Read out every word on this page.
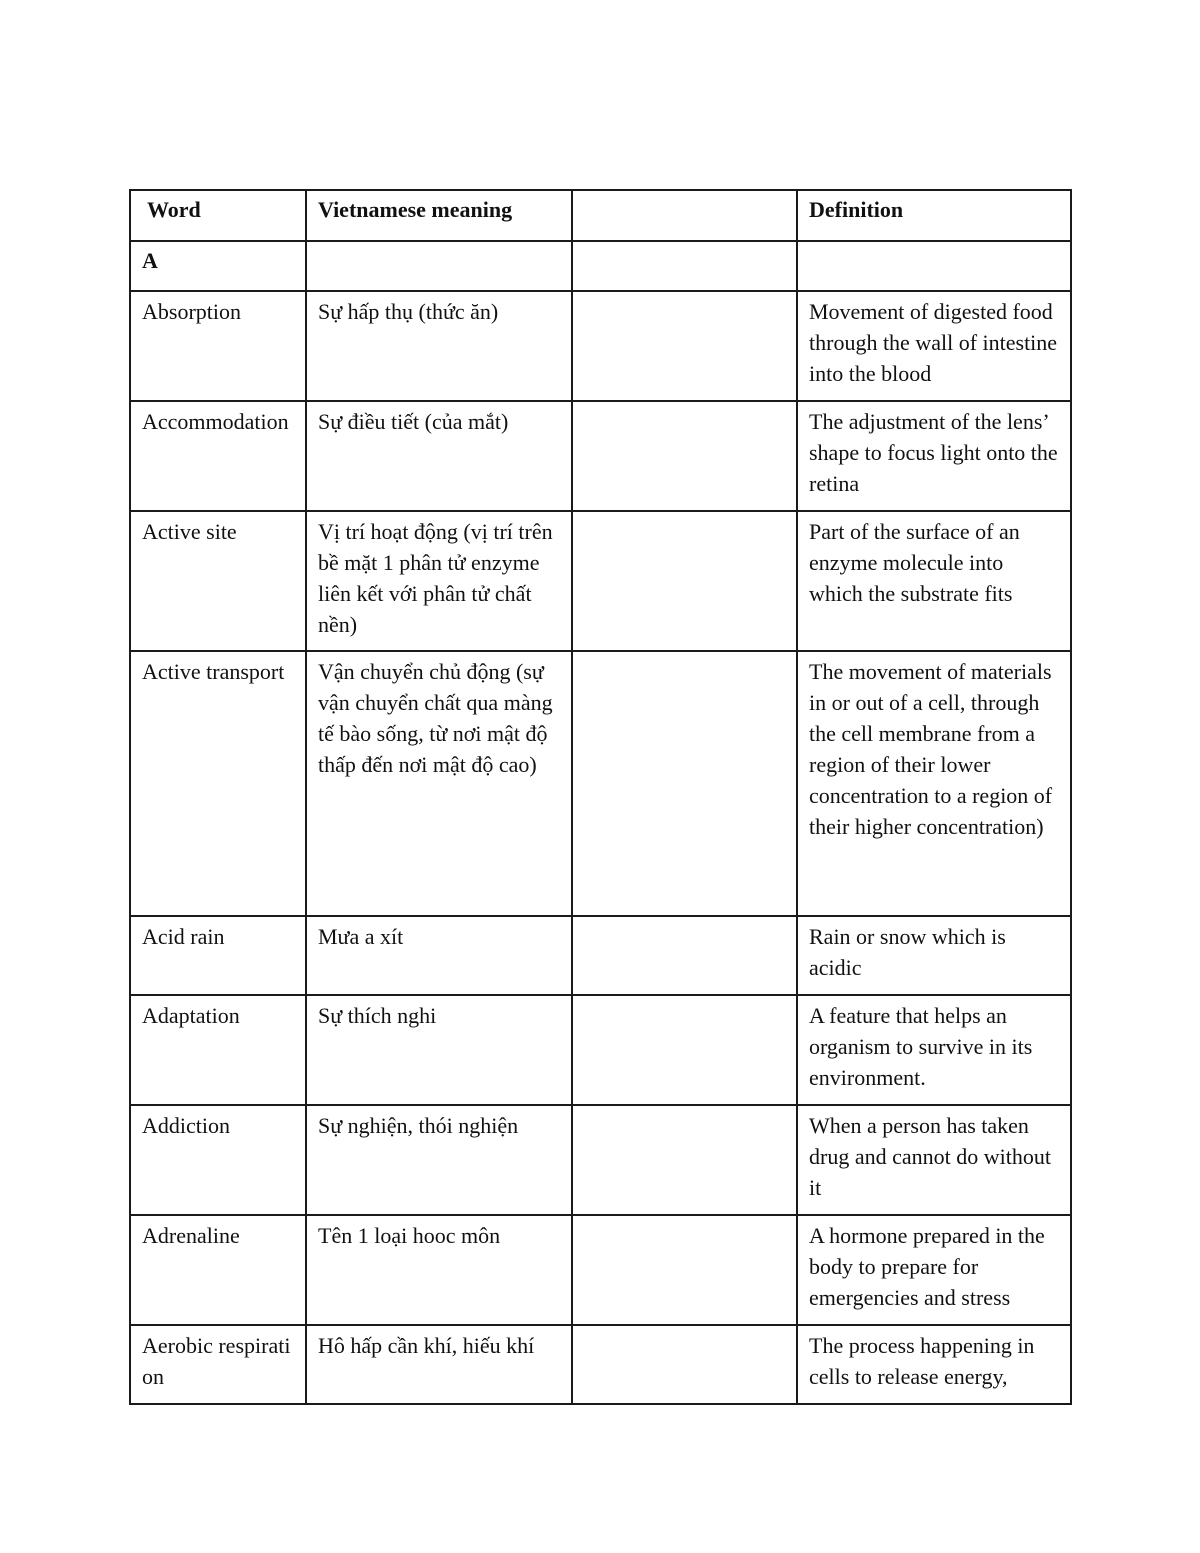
Word	Vietnamese meaning		Definition
A			
Absorption	Sự hấp thụ (thức ăn)		Movement of digested food through the wall of intestine into the blood
Accommodation	Sự điều tiết (của mắt)		The adjustment of the lens’ shape to focus light onto the retina
Active site	Vị trí hoạt động (vị trí trên bề mặt 1 phân tử enzyme liên kết với phân tử chất nền)		Part of the surface of an enzyme molecule into which the substrate fits
Active transport	Vận chuyển chủ động (sự vận chuyển chất qua màng tế bào sống, từ nơi mật độ thấp đến nơi mật độ cao)		The movement of materials in or out of a cell, through the cell membrane from a region of their lower concentration to a region of their higher concentration)
Acid rain	Mưa a xít		Rain or snow which is acidic
Adaptation	Sự thích nghi		A feature that helps an organism to survive in its environment.
Addiction	Sự nghiện, thói nghiện		When a person has taken drug and cannot do without it
Adrenaline	Tên 1 loại hooc môn		A hormone prepared in the body to prepare for emergencies and stress
Aerobic respiration	Hô hấp cần khí, hiếu khí		The process happening in cells to release energy,
